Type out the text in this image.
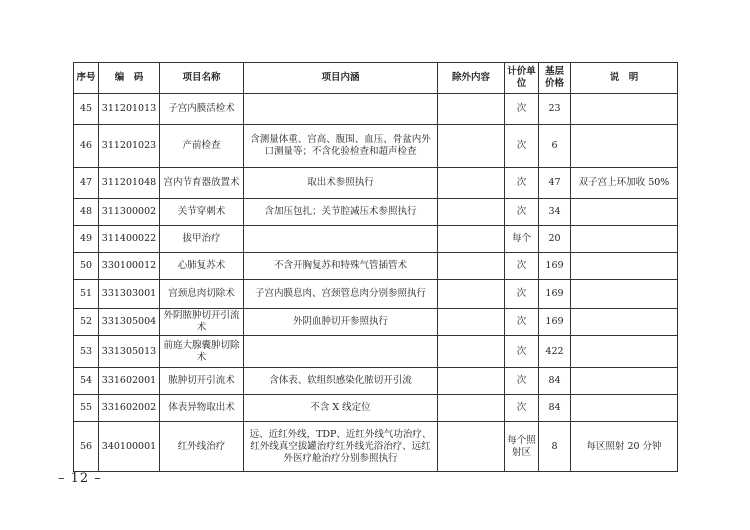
序号	编　码	项目名称	项目内涵	除外内容	计价单位	基层价格	说　明
45	311201013	子宫内膜活检术			次	23	
46	311201023	产前检查	含测量体重、宫高、腹围、血压、骨盆内外口测量等；不含化验检查和超声检查		次	6	
47	311201048	宫内节育器放置术	取出术参照执行		次	47	双子宫上环加收 50%
48	311300002	关节穿刺术	含加压包扎；关节腔减压术参照执行		次	34	
49	311400022	拔甲治疗			每个	20	
50	330100012	心肺复苏术	不含开胸复苏和特殊气管插管术		次	169	
51	331303001	宫颈息肉切除术	子宫内膜息肉、宫颈管息肉分别参照执行		次	169	
52	331305004	外阴脓肿切开引流术	外阴血肿切开参照执行		次	169	
53	331305013	前庭大腺囊肿切除术			次	422	
54	331602001	脓肿切开引流术	含体表、软组织感染化脓切开引流		次	84	
55	331602002	体表异物取出术	不含 X 线定位		次	84	
56	340100001	红外线治疗	远、近红外线，TDP、近红外线气功治疗、红外线真空拔罐治疗红外线光浴治疗、远红外医疗舱治疗分别参照执行		每个照射区	8	每区照射 20 分钟
– 12 –
